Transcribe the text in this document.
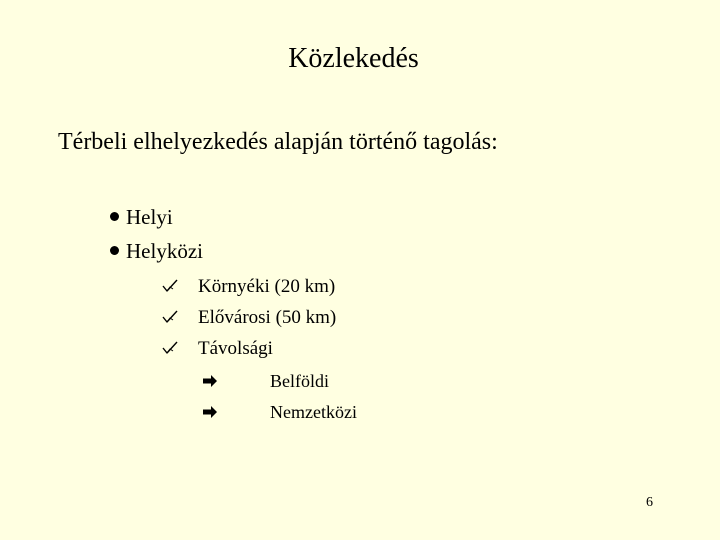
Közlekedés
Térbeli elhelyezkedés alapján történő tagolás:
Helyi
Helyközi
Környéki (20 km)
Elővárosi (50 km)
Távolsági
Belföldi
Nemzetközi
6
